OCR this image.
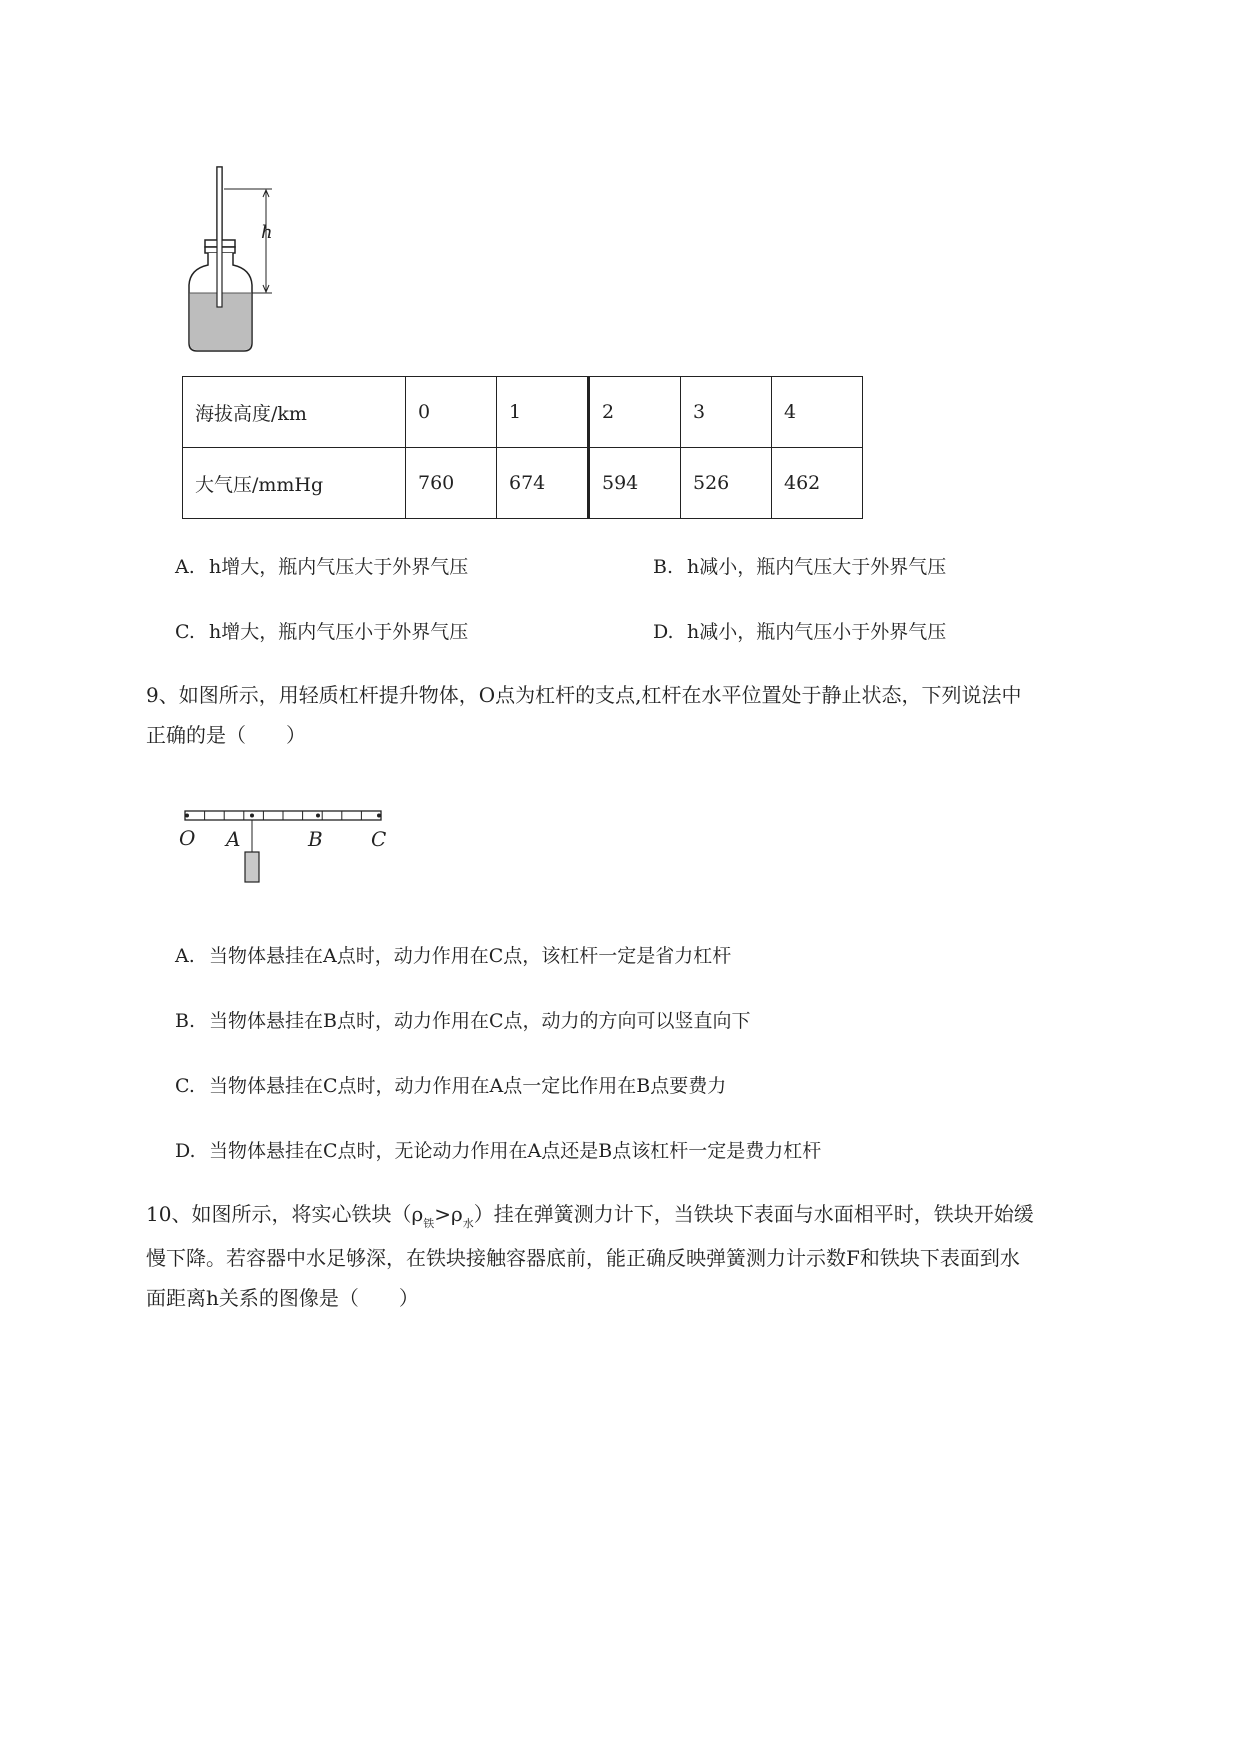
h
海拔高度/km	0	1	2	3	4
大气压/mmHg	760	674	594	526	462
A. h增大，瓶内气压大于外界气压	B. h减小，瓶内气压大于外界气压
C. h增大，瓶内气压小于外界气压	D. h减小，瓶内气压小于外界气压

9、如图所示，用轻质杠杆提升物体，O点为杠杆的支点,杠杆在水平位置处于静止状态，下列说法中

正确的是（　　）

O A	B C
A. 当物体悬挂在A点时，动力作用在C点，该杠杆一定是省力杠杆
B. 当物体悬挂在B点时，动力作用在C点，动力的方向可以竖直向下
C. 当物体悬挂在C点时，动力作用在A点一定比作用在B点要费力
D. 当物体悬挂在C点时，无论动力作用在A点还是B点该杠杆一定是费力杠杆

10、如图所示，将实心铁块$(\rho_铁>\rho_水)$挂在弹簧测力计下，当铁块下表面与水面相平时，铁块开始缓

慢下降。若容器中水足够深，在铁块接触容器底前，能正确反映弹簧测力计示数F和铁块下表面到水

面距离h关系的图像是（　　）
